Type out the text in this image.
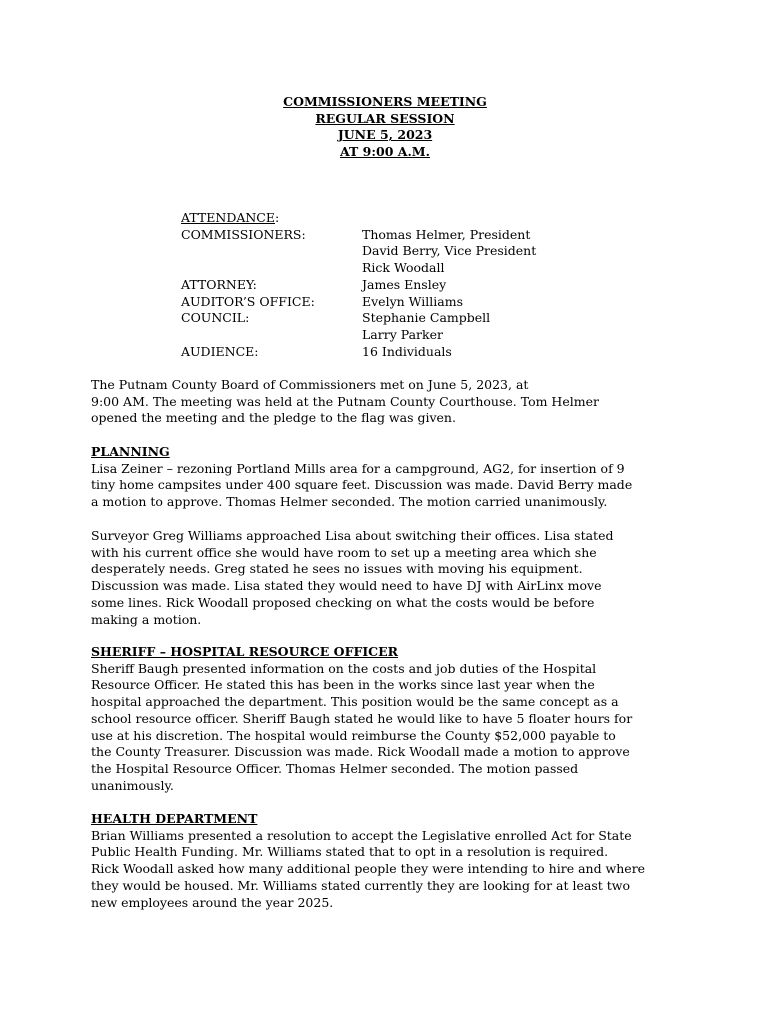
COMMISSIONERS MEETING
REGULAR SESSION
JUNE 5, 2023
AT 9:00 A.M.
ATTENDANCE:
COMMISSIONERS:	Thomas Helmer, President
David Berry, Vice President
Rick Woodall
ATTORNEY:	James Ensley
AUDITOR’S OFFICE:	Evelyn Williams
COUNCIL:	Stephanie Campbell
Larry Parker
AUDIENCE:	16 Individuals
The Putnam County Board of Commissioners met on June 5, 2023, at
9:00 AM. The meeting was held at the Putnam County Courthouse. Tom Helmer
opened the meeting and the pledge to the flag was given.
PLANNING
Lisa Zeiner – rezoning Portland Mills area for a campground, AG2, for insertion of 9
tiny home campsites under 400 square feet. Discussion was made. David Berry made
a motion to approve. Thomas Helmer seconded. The motion carried unanimously.
Surveyor Greg Williams approached Lisa about switching their offices. Lisa stated
with his current office she would have room to set up a meeting area which she
desperately needs. Greg stated he sees no issues with moving his equipment.
Discussion was made. Lisa stated they would need to have DJ with AirLinx move
some lines. Rick Woodall proposed checking on what the costs would be before
making a motion.
SHERIFF – HOSPITAL RESOURCE OFFICER
Sheriff Baugh presented information on the costs and job duties of the Hospital
Resource Officer. He stated this has been in the works since last year when the
hospital approached the department. This position would be the same concept as a
school resource officer. Sheriff Baugh stated he would like to have 5 floater hours for
use at his discretion. The hospital would reimburse the County $52,000 payable to
the County Treasurer. Discussion was made. Rick Woodall made a motion to approve
the Hospital Resource Officer. Thomas Helmer seconded. The motion passed
unanimously.
HEALTH DEPARTMENT
Brian Williams presented a resolution to accept the Legislative enrolled Act for State
Public Health Funding. Mr. Williams stated that to opt in a resolution is required.
Rick Woodall asked how many additional people they were intending to hire and where
they would be housed. Mr. Williams stated currently they are looking for at least two
new employees around the year 2025.
